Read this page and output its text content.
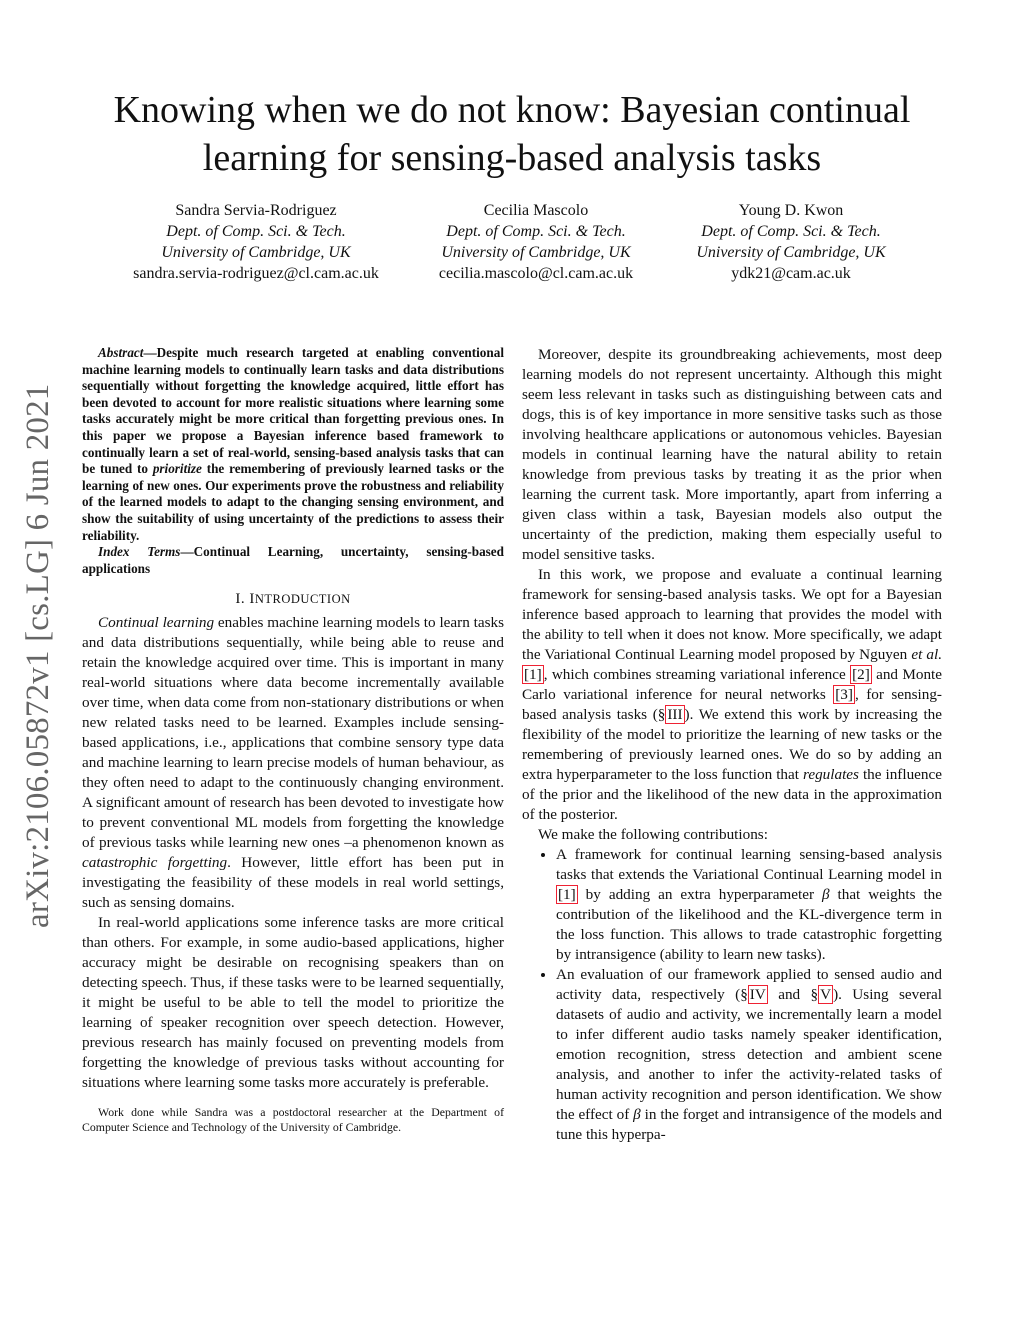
Knowing when we do not know: Bayesian continual
learning for sensing-based analysis tasks
Sandra Servia-Rodriguez
Dept. of Comp. Sci. & Tech.
University of Cambridge, UK
sandra.servia-rodriguez@cl.cam.ac.uk
Cecilia Mascolo
Dept. of Comp. Sci. & Tech.
University of Cambridge, UK
cecilia.mascolo@cl.cam.ac.uk
Young D. Kwon
Dept. of Comp. Sci. & Tech.
University of Cambridge, UK
ydk21@cam.ac.uk
arXiv:2106.05872v1 [cs.LG] 6 Jun 2021

Abstract—Despite much research targeted at enabling conventional machine learning models to continually learn tasks and data distributions sequentially without forgetting the knowledge acquired, little effort has been devoted to account for more realistic situations where learning some tasks accurately might be more critical than forgetting previous ones. In this paper we propose a Bayesian inference based framework to continually learn a set of real-world, sensing-based analysis tasks that can be tuned to prioritize the remembering of previously learned tasks or the learning of new ones. Our experiments prove the robustness and reliability of the learned models to adapt to the changing sensing environment, and show the suitability of using uncertainty of the predictions to assess their reliability.

Index Terms—Continual Learning, uncertainty, sensing-based applications

I. INTRODUCTION

Continual learning enables machine learning models to learn tasks and data distributions sequentially, while being able to reuse and retain the knowledge acquired over time. This is important in many real-world situations where data become incrementally available over time, when data come from non-stationary distributions or when new related tasks need to be learned. Examples include sensing-based applications, i.e., applications that combine sensory type data and machine learning to learn precise models of human behaviour, as they often need to adapt to the continuously changing environment. A significant amount of research has been devoted to investigate how to prevent conventional ML models from forgetting the knowledge of previous tasks while learning new ones –a phenomenon known as catastrophic forgetting. However, little effort has been put in investigating the feasibility of these models in real world settings, such as sensing domains.

In real-world applications some inference tasks are more critical than others. For example, in some audio-based applications, higher accuracy might be desirable on recognising speakers than on detecting speech. Thus, if these tasks were to be learned sequentially, it might be useful to be able to tell the model to prioritize the learning of speaker recognition over speech detection. However, previous research has mainly focused on preventing models from forgetting the knowledge of previous tasks without accounting for situations where learning some tasks more accurately is preferable.

Work done while Sandra was a postdoctoral researcher at the Department of Computer Science and Technology of the University of Cambridge.

Moreover, despite its groundbreaking achievements, most deep learning models do not represent uncertainty. Although this might seem less relevant in tasks such as distinguishing between cats and dogs, this is of key importance in more sensitive tasks such as those involving healthcare applications or autonomous vehicles. Bayesian models in continual learning have the natural ability to retain knowledge from previous tasks by treating it as the prior when learning the current task. More importantly, apart from inferring a given class within a task, Bayesian models also output the uncertainty of the prediction, making them especially useful to model sensitive tasks.

In this work, we propose and evaluate a continual learning framework for sensing-based analysis tasks. We opt for a Bayesian inference based approach to learning that provides the model with the ability to tell when it does not know. More specifically, we adapt the Variational Continual Learning model proposed by Nguyen et al. [1] , which combines streaming variational inference [2] and Monte Carlo variational inference for neural networks [3] , for sensing-based analysis tasks (§ III ). We extend this work by increasing the flexibility of the model to prioritize the learning of new tasks or the remembering of previously learned ones. We do so by adding an extra hyperparameter to the loss function that regulates the influence of the prior and the likelihood of the new data in the approximation of the posterior.

We make the following contributions:

• A framework for continual learning sensing-based analysis tasks that extends the Variational Continual Learning model in [1] by adding an extra hyperparameter β that weights the contribution of the likelihood and the KL-divergence term in the loss function. This allows to trade catastrophic forgetting by intransigence (ability to learn new tasks).
• An evaluation of our framework applied to sensed audio and activity data, respectively (§ IV and § V ). Using several datasets of audio and activity, we incrementally learn a model to infer different audio tasks namely speaker identification, emotion recognition, stress detection and ambient scene analysis, and another to infer the activity-related tasks of human activity recognition and person identification. We show the effect of β in the forget and intransigence of the models and tune this hyperpa-
